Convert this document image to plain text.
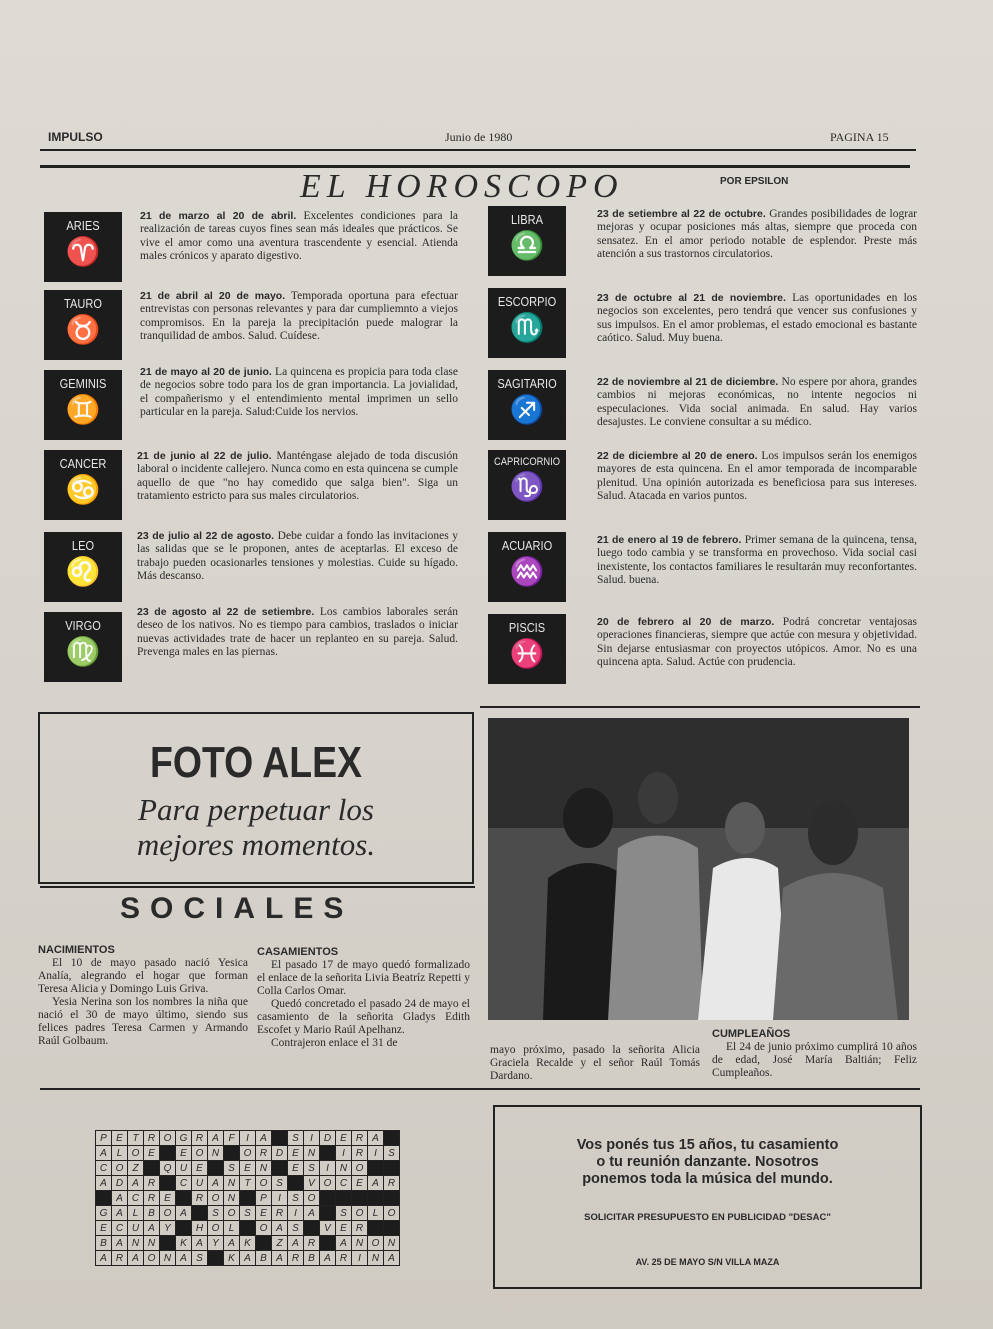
IMPULSO	Junio de 1980	PAGINA 15
EL HOROSCOPO	POR EPSILON
ARIES
♈
TAURO
♉
GEMINIS
♊
CANCER
♋
LEO
♌
VIRGO
♍
21 de marzo al 20 de abril. Excelentes condiciones para la realización de tareas cuyos fines sean más ideales que prácticos. Se vive el amor como una aventura trascendente y esencial. Atienda males crónicos y aparato digestivo.
21 de abril al 20 de mayo. Temporada oportuna para efectuar entrevistas con personas relevantes y para dar cumpliemnto a viejos compromisos. En la pareja la precipitación puede malograr la tranquilidad de ambos. Salud. Cuídese.
21 de mayo al 20 de junio. La quincena es propicia para toda clase de negocios sobre todo para los de gran importancia. La jovialidad, el compañerismo y el entendimiento mental imprimen un sello particular en la pareja. Salud:Cuide los nervios.
21 de junio al 22 de julio. Manténgase alejado de toda discusión laboral o incidente callejero. Nunca como en esta quincena se cumple aquello de que "no hay comedido que salga bien". Siga un tratamiento estricto para sus males circulatorios.
23 de julio al 22 de agosto. Debe cuidar a fondo las invitaciones y las salidas que se le proponen, antes de aceptarlas. El exceso de trabajo pueden ocasionarles tensiones y molestias. Cuide su hígado. Más descanso.
23 de agosto al 22 de setiembre. Los cambios laborales serán deseo de los nativos. No es tiempo para cambios, traslados o iniciar nuevas actividades trate de hacer un replanteo en su pareja. Salud. Prevenga males en las piernas.
LIBRA
♎
ESCORPIO
♏
SAGITARIO
♐
CAPRICORNIO
♑
ACUARIO
♒
PISCIS
♓
23 de setiembre al 22 de octubre. Grandes posibilidades de lograr mejoras y ocupar posiciones más altas, siempre que proceda con sensatez. En el amor periodo notable de esplendor. Preste más atención a sus trastornos circulatorios.
23 de octubre al 21 de noviembre. Las oportunidades en los negocios son excelentes, pero tendrá que vencer sus confusiones y sus impulsos. En el amor problemas, el estado emocional es bastante caótico. Salud. Muy buena.
22 de noviembre al 21 de diciembre. No espere por ahora, grandes cambios ni mejoras económicas, no intente negocios ni especulaciones. Vida social animada. En salud. Hay varios desajustes. Le conviene consultar a su médico.
22 de diciembre al 20 de enero. Los impulsos serán los enemigos mayores de esta quincena. En el amor temporada de incomparable plenitud. Una opinión autorizada es beneficiosa para sus intereses. Salud. Atacada en varios puntos.
21 de enero al 19 de febrero. Primer semana de la quincena, tensa, luego todo cambia y se transforma en provechoso. Vida social casi inexistente, los contactos familiares le resultarán muy reconfortantes. Salud. buena.
20 de febrero al 20 de marzo. Podrá concretar ventajosas operaciones financieras, siempre que actúe con mesura y objetividad. Sin dejarse entusiasmar con proyectos utópicos. Amor. No es una quincena apta. Salud. Actúe con prudencia.
FOTO ALEX
Para perpetuar los
mejores momentos.
SOCIALES
NACIMIENTOS

El 10 de mayo pasado nació Yesica Analía, alegrando el hogar que forman Teresa Alicia y Domingo Luis Griva.

Yesia Nerina son los nombres la niña que nació el 30 de mayo último, siendo sus felices padres Teresa Carmen y Armando Raúl Golbaum.

CASAMIENTOS

El pasado 17 de mayo quedó formalizado el enlace de la señorita Livia Beatríz Repetti y Colla Carlos Omar.

Quedó concretado el pasado 24 de mayo el casamiento de la señorita Gladys Edith Escofet y Mario Raúl Apelhanz.

Contrajeron enlace el 31 de

mayo próximo, pasado la señorita Alicia Graciela Recalde y el señor Raúl Tomás Dardano.
CUMPLEAÑOS

El 24 de junio próximo cumplirá 10 años de edad, José María Baltián; Feliz Cumpleaños.

P	E	T	R	O	G	R	A	F	I	A		S	I	D	E	R	A	
A	L	O	E		E	O	N		O	R	D	E	N		I	R	I	S
C	O	Z		Q	U	E		S	E	N		E	S	I	N	O		
A	D	A	R		C	U	A	N	T	O	S		V	O	C	E	A	R
	A	C	R	E		R	O	N		P	I	S	O					
G	A	L	B	O	A		S	O	S	E	R	I	A		S	O	L	O
E	C	U	A	Y		H	O	L		O	A	S		V	E	R		
B	A	N	N		K	A	Y	A	K		Z	A	R		A	N	O	N
A	R	A	O	N	A	S		K	A	B	A	R	B	A	R	I	N	A
Vos ponés tus 15 años, tu casamiento
o tu reunión danzante. Nosotros
ponemos toda la música del mundo.
SOLICITAR PRESUPUESTO EN PUBLICIDAD "DESAC"
AV. 25 DE MAYO S/N VILLA MAZA
